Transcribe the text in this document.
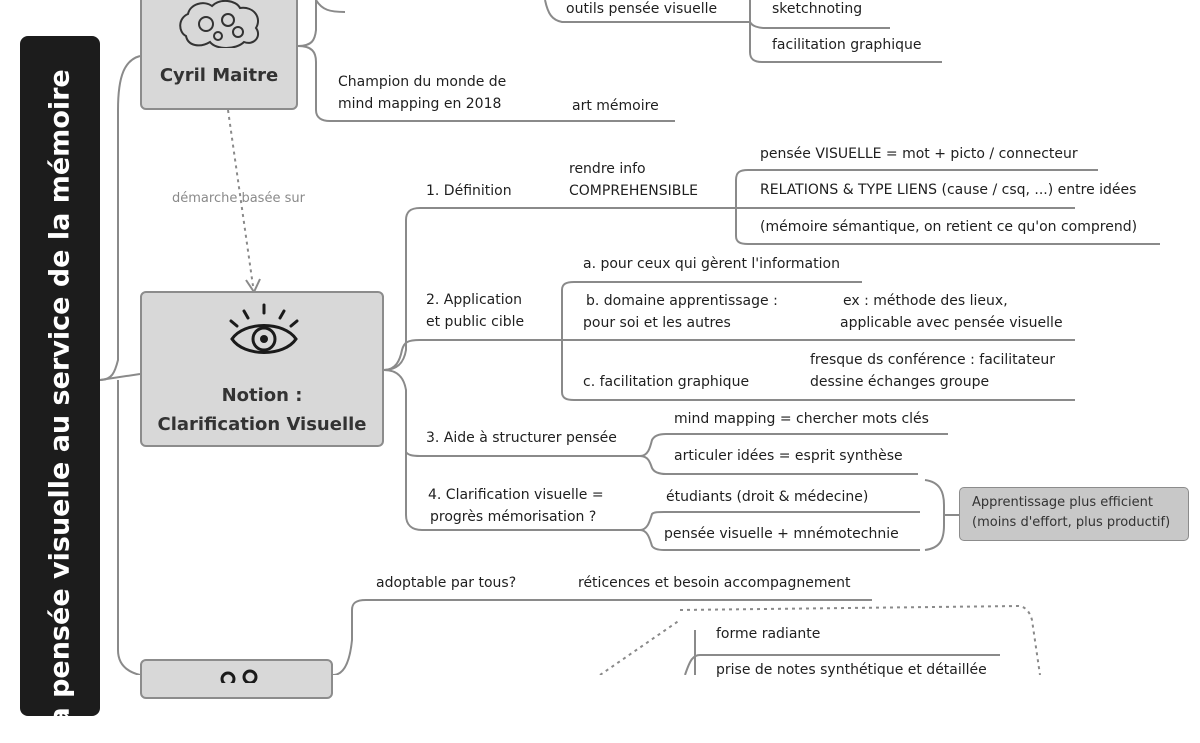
La pensée visuelle au service de la mémoire	Cyril Maitre	Champion du monde de
mind mapping en 2018	art mémoire
outils pensée visuelle	sketchnoting
facilitation graphique
démarche basée sur
Notion :
Clarification Visuelle
1. Définition
rendre info
COMPREHENSIBLE
pensée VISUELLE = mot + picto / connecteur
RELATIONS & TYPE LIENS (cause / csq, ...) entre idées
(mémoire sémantique, on retient ce qu'on comprend)
2. Application
et public cible
a. pour ceux qui gèrent l'information
b. domaine apprentissage :
pour soi et les autres
ex : méthode des lieux,
applicable avec pensée visuelle
c. facilitation graphique
fresque ds conférence : facilitateur
dessine échanges groupe
3. Aide à structurer pensée
mind mapping = chercher mots clés
articuler idées = esprit synthèse
4. Clarification visuelle =
progrès mémorisation ?
étudiants (droit & médecine)
pensée visuelle + mnémotechnie
Apprentissage plus efficient
(moins d'effort, plus productif)
adoptable par tous?	réticences et besoin accompagnement
forme radiante
prise de notes synthétique et détaillée
